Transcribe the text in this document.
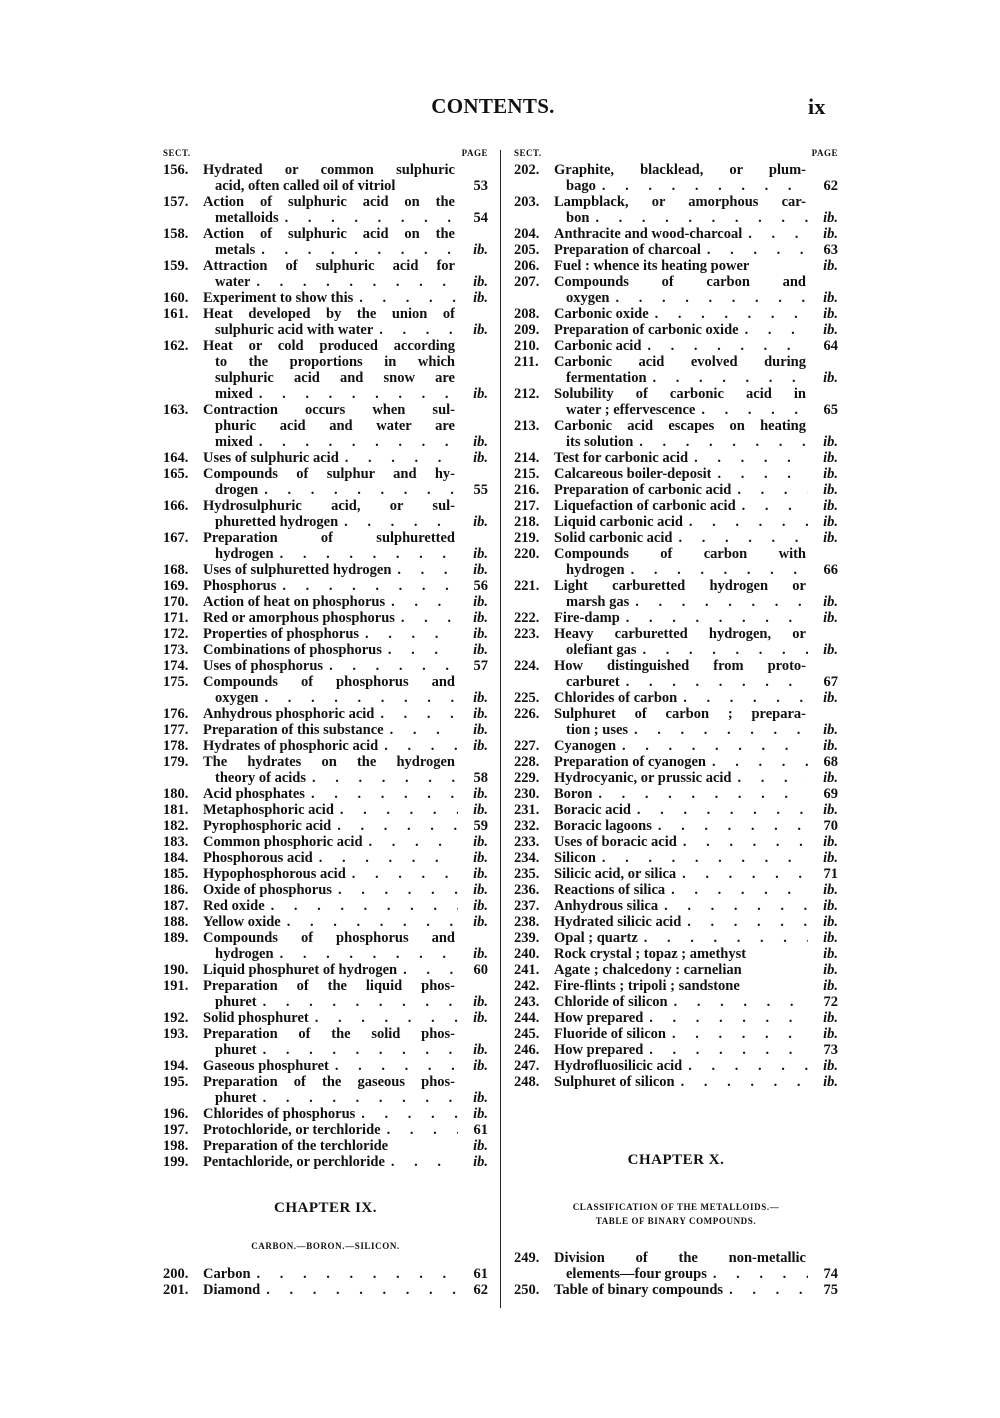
CONTENTS.	ix
SECT.	PAGE
156.	Hydrated or common sulphuric
acid, often called oil of vitriol	53
157.	Action of sulphuric acid on the
metalloids . . .	54
158.	Action of sulphuric acid on the
metals . . .	ib.
159.	Attraction of sulphuric acid for
water . . .	ib.
160.	Experiment to show this . . .	ib.
161.	Heat developed by the union of
sulphuric acid with water . . .	ib.
162.	Heat or cold produced according
to the proportions in which
sulphuric acid and snow are
mixed . . .	ib.
163.	Contraction occurs when sul-
phuric acid and water are
mixed . . .	ib.
164.	Uses of sulphuric acid . . .	ib.
165.	Compounds of sulphur and hy-
drogen . . .	55
166.	Hydrosulphuric acid, or sul-
phuretted hydrogen . . .	ib.
167.	Preparation of sulphuretted
hydrogen . . .	ib.
168.	Uses of sulphuretted hydrogen . . .	ib.
169.	Phosphorus . . .	56
170.	Action of heat on phosphorus . . .	ib.
171.	Red or amorphous phosphorus . . .	ib.
172.	Properties of phosphorus . . .	ib.
173.	Combinations of phosphorus . . .	ib.
174.	Uses of phosphorus . . .	57
175.	Compounds of phosphorus and
oxygen . . .	ib.
176.	Anhydrous phosphoric acid . . .	ib.
177.	Preparation of this substance . . .	ib.
178.	Hydrates of phosphoric acid . . .	ib.
179.	The hydrates on the hydrogen
theory of acids . . .	58
180.	Acid phosphates . . .	ib.
181.	Metaphosphoric acid . . .	ib.
182.	Pyrophosphoric acid . . .	59
183.	Common phosphoric acid . . .	ib.
184.	Phosphorous acid . . .	ib.
185.	Hypophosphorous acid . . .	ib.
186.	Oxide of phosphorus . . .	ib.
187.	Red oxide . . .	ib.
188.	Yellow oxide . . .	ib.
189.	Compounds of phosphorus and
hydrogen . . .	ib.
190.	Liquid phosphuret of hydrogen . . .	60
191.	Preparation of the liquid phos-
phuret . . .	ib.
192.	Solid phosphuret . . .	ib.
193.	Preparation of the solid phos-
phuret . . .	ib.
194.	Gaseous phosphuret . . .	ib.
195.	Preparation of the gaseous phos-
phuret . . .	ib.
196.	Chlorides of phosphorus . . .	ib.
197.	Protochloride, or terchloride . . .	61
198.	Preparation of the terchloride	ib.
199.	Pentachloride, or perchloride . . .	ib.
SECT.	PAGE
202.	Graphite, blacklead, or plum-
bago . . .	62
203.	Lampblack, or amorphous car-
bon . . .	ib.
204.	Anthracite and wood-charcoal . . .	ib.
205.	Preparation of charcoal . . .	63
206.	Fuel : whence its heating power	ib.
207.	Compounds of carbon and
oxygen . . .	ib.
208.	Carbonic oxide . . .	ib.
209.	Preparation of carbonic oxide . . .	ib.
210.	Carbonic acid . . .	64
211.	Carbonic acid evolved during
fermentation . . .	ib.
212.	Solubility of carbonic acid in
water ; effervescence . . .	65
213.	Carbonic acid escapes on heating
its solution . . .	ib.
214.	Test for carbonic acid . . .	ib.
215.	Calcareous boiler-deposit . . .	ib.
216.	Preparation of carbonic acid . . .	ib.
217.	Liquefaction of carbonic acid . . .	ib.
218.	Liquid carbonic acid . . .	ib.
219.	Solid carbonic acid . . .	ib.
220.	Compounds of carbon with
hydrogen . . .	66
221.	Light carburetted hydrogen or
marsh gas . . .	ib.
222.	Fire-damp . . .	ib.
223.	Heavy carburetted hydrogen, or
olefiant gas . . .	ib.
224.	How distinguished from proto-
carburet . . .	67
225.	Chlorides of carbon . . .	ib.
226.	Sulphuret of carbon ; prepara-
tion ; uses . . .	ib.
227.	Cyanogen . . .	ib.
228.	Preparation of cyanogen . . .	68
229.	Hydrocyanic, or prussic acid . . .	ib.
230.	Boron . . .	69
231.	Boracic acid . . .	ib.
232.	Boracic lagoons . . .	70
233.	Uses of boracic acid . . .	ib.
234.	Silicon . . .	ib.
235.	Silicic acid, or silica . . .	71
236.	Reactions of silica . . .	ib.
237.	Anhydrous silica . . .	ib.
238.	Hydrated silicic acid . . .	ib.
239.	Opal ; quartz . . .	ib.
240.	Rock crystal ; topaz ; amethyst	ib.
241.	Agate ; chalcedony : carnelian	ib.
242.	Fire-flints ; tripoli ; sandstone	ib.
243.	Chloride of silicon . . .	72
244.	How prepared . . .	ib.
245.	Fluoride of silicon . . .	ib.
246.	How prepared . . .	73
247.	Hydrofluosilicic acid . . .	ib.
248.	Sulphuret of silicon . . .	ib.
CHAPTER IX.
CARBON.—BORON.—SILICON.
200.	Carbon . . .	61
201.	Diamond . . .	62
CHAPTER X.
CLASSIFICATION OF THE METALLOIDS.—
TABLE OF BINARY COMPOUNDS.
249.	Division of the non-metallic
elements—four groups . . .	74
250.	Table of binary compounds . . .	75
